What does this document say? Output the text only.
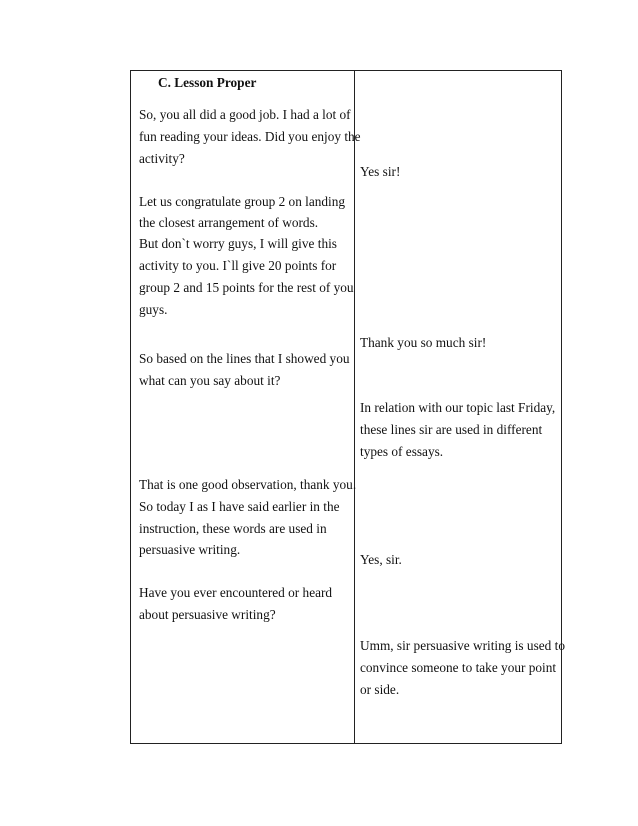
C. Lesson Proper
So, you all did a good job. I had a lot of
fun reading your ideas. Did you enjoy the
activity?
Let us congratulate group 2 on landing
the closest arrangement of words.
But don`t worry guys, I will give this
activity to you. I`ll give 20 points for
group 2 and 15 points for the rest of you
guys.
So based on the lines that I showed you
what can you say about it?
That is one good observation, thank you.
So today I as I have said earlier in the
instruction, these words are used in
persuasive writing.
Have you ever encountered or heard
about persuasive writing?
Yes sir!
Thank you so much sir!
In relation with our topic last Friday,
these lines sir are used in different
types of essays.
Yes, sir.
Umm, sir persuasive writing is used to
convince someone to take your point
or side.
